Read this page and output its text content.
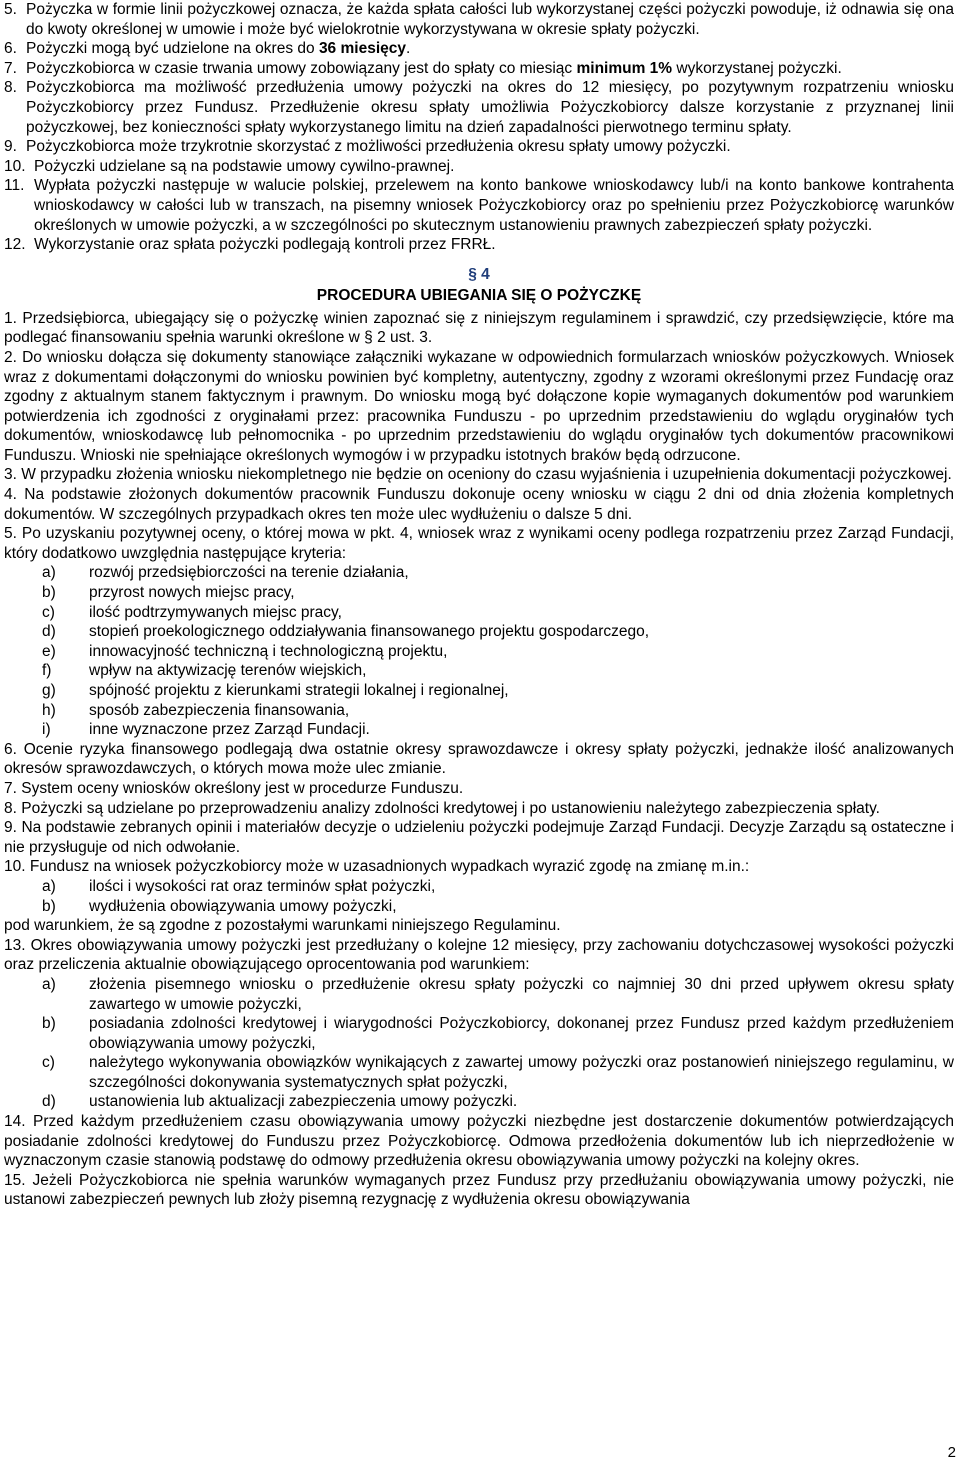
5. Pożyczka w formie linii pożyczkowej oznacza, że każda spłata całości lub wykorzystanej części pożyczki powoduje, iż odnawia się ona do kwoty określonej w umowie i może być wielokrotnie wykorzystywana w okresie spłaty pożyczki.
6. Pożyczki mogą być udzielone na okres do 36 miesięcy.
7. Pożyczkobiorca w czasie trwania umowy zobowiązany jest do spłaty co miesiąc minimum 1% wykorzystanej pożyczki.
8. Pożyczkobiorca ma możliwość przedłużenia umowy pożyczki na okres do 12 miesięcy, po pozytywnym rozpatrzeniu wniosku Pożyczkobiorcy przez Fundusz. Przedłużenie okresu spłaty umożliwia Pożyczkobiorcy dalsze korzystanie z przyznanej linii pożyczkowej, bez konieczności spłaty wykorzystanego limitu na dzień zapadalności pierwotnego terminu spłaty.
9. Pożyczkobiorca może trzykrotnie skorzystać z możliwości przedłużenia okresu spłaty umowy pożyczki.
10. Pożyczki udzielane są na podstawie umowy cywilno-prawnej.
11. Wypłata pożyczki następuje w walucie polskiej, przelewem na konto bankowe wnioskodawcy lub/i na konto bankowe kontrahenta wnioskodawcy w całości lub w transzach, na pisemny wniosek Pożyczkobiorcy oraz po spełnieniu przez Pożyczkobiorcę warunków określonych w umowie pożyczki, a w szczególności po skutecznym ustanowieniu prawnych zabezpieczeń spłaty pożyczki.
12. Wykorzystanie oraz spłata pożyczki podlegają kontroli przez FRRŁ.
§ 4
PROCEDURA UBIEGANIA SIĘ O POŻYCZKĘ

1. Przedsiębiorca, ubiegający się o pożyczkę winien zapoznać się z niniejszym regulaminem i sprawdzić, czy przedsięwzięcie, które ma podlegać finansowaniu spełnia warunki określone w § 2 ust. 3.

2. Do wniosku dołącza się dokumenty stanowiące załączniki wykazane w odpowiednich formularzach wniosków pożyczkowych. Wniosek wraz z dokumentami dołączonymi do wniosku powinien być kompletny, autentyczny, zgodny z wzorami określonymi przez Fundację oraz zgodny z aktualnym stanem faktycznym i prawnym. Do wniosku mogą być dołączone kopie wymaganych dokumentów pod warunkiem potwierdzenia ich zgodności z oryginałami przez: pracownika Funduszu - po uprzednim przedstawieniu do wglądu oryginałów tych dokumentów, wnioskodawcę lub pełnomocnika - po uprzednim przedstawieniu do wglądu oryginałów tych dokumentów pracownikowi Funduszu. Wnioski nie spełniające określonych wymogów i w przypadku istotnych braków będą odrzucone.

3. W przypadku złożenia wniosku niekompletnego nie będzie on oceniony do czasu wyjaśnienia i uzupełnienia dokumentacji pożyczkowej.

4. Na podstawie złożonych dokumentów pracownik Funduszu dokonuje oceny wniosku w ciągu 2 dni od dnia złożenia kompletnych dokumentów. W szczególnych przypadkach okres ten może ulec wydłużeniu o dalsze 5 dni.

5. Po uzyskaniu pozytywnej oceny, o której mowa w pkt. 4, wniosek wraz z wynikami oceny podlega rozpatrzeniu przez Zarząd Fundacji, który dodatkowo uwzględnia następujące kryteria:

a)	rozwój przedsiębiorczości na terenie działania,
b)	przyrost nowych miejsc pracy,
c)	ilość podtrzymywanych miejsc pracy,
d)	stopień proekologicznego oddziaływania finansowanego projektu gospodarczego,
e)	innowacyjność techniczną i technologiczną projektu,
f)	wpływ na aktywizację terenów wiejskich,
g)	spójność projektu z kierunkami strategii lokalnej i regionalnej,
h)	sposób zabezpieczenia finansowania,
i)	inne wyznaczone przez Zarząd Fundacji.

6. Ocenie ryzyka finansowego podlegają dwa ostatnie okresy sprawozdawcze i okresy spłaty pożyczki, jednakże ilość analizowanych okresów sprawozdawczych, o których mowa może ulec zmianie.

7. System oceny wniosków określony jest w procedurze Funduszu.

8. Pożyczki są udzielane po przeprowadzeniu analizy zdolności kredytowej i po ustanowieniu należytego zabezpieczenia spłaty.

9. Na podstawie zebranych opinii i materiałów decyzje o udzieleniu pożyczki podejmuje Zarząd Fundacji. Decyzje Zarządu są ostateczne i nie przysługuje od nich odwołanie.

10. Fundusz na wniosek pożyczkobiorcy może w uzasadnionych wypadkach wyrazić zgodę na zmianę m.in.:

a)	ilości i wysokości rat oraz terminów spłat pożyczki,
b)	wydłużenia obowiązywania umowy pożyczki,

pod warunkiem, że są zgodne z pozostałymi warunkami niniejszego Regulaminu.

13. Okres obowiązywania umowy pożyczki jest przedłużany o kolejne 12 miesięcy, przy zachowaniu dotychczasowej wysokości pożyczki oraz przeliczenia aktualnie obowiązującego oprocentowania pod warunkiem:

a)	złożenia pisemnego wniosku o przedłużenie okresu spłaty pożyczki co najmniej 30 dni przed upływem okresu spłaty zawartego w umowie pożyczki,
b)	posiadania zdolności kredytowej i wiarygodności Pożyczkobiorcy, dokonanej przez Fundusz przed każdym przedłużeniem obowiązywania umowy pożyczki,
c)	należytego wykonywania obowiązków wynikających z zawartej umowy pożyczki oraz postanowień niniejszego regulaminu, w szczególności dokonywania systematycznych spłat pożyczki,
d)	ustanowienia lub aktualizacji zabezpieczenia umowy pożyczki.

14. Przed każdym przedłużeniem czasu obowiązywania umowy pożyczki niezbędne jest dostarczenie dokumentów potwierdzających posiadanie zdolności kredytowej do Funduszu przez Pożyczkobiorcę. Odmowa przedłożenia dokumentów lub ich nieprzedłożenie w wyznaczonym czasie stanowią podstawę do odmowy przedłużenia okresu obowiązywania umowy pożyczki na kolejny okres.

15. Jeżeli Pożyczkobiorca nie spełnia warunków wymaganych przez Fundusz przy przedłużaniu obowiązywania umowy pożyczki, nie ustanowi zabezpieczeń pewnych lub złoży pisemną rezygnację z wydłużenia okresu obowiązywania

2
